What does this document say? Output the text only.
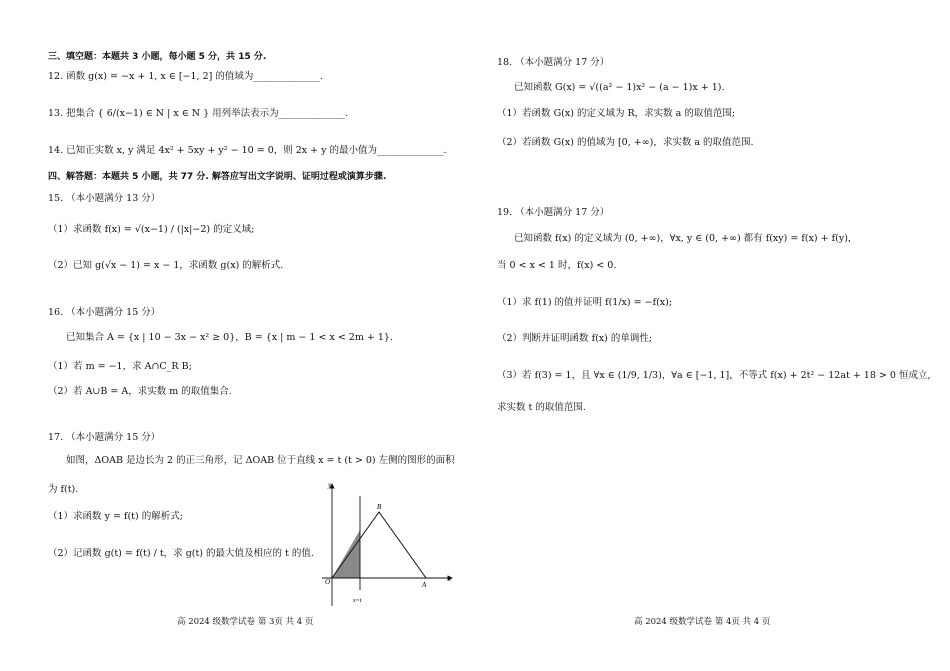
三、填空题：本题共 3 小题，每小题 5 分，共 15 分.
12. 函数 g(x) = −x + 1, x ∈ [−1, 2] 的值域为______________.
13. 把集合 { 6/(x−1) ∈ N | x ∈ N } 用列举法表示为______________.
14. 已知正实数 x, y 满足 4x² + 5xy + y² − 10 = 0，则 2x + y 的最小值为______________.
四、解答题：本题共 5 小题，共 77 分. 解答应写出文字说明、证明过程或演算步骤.
15. （本小题满分 13 分）
（1）求函数 f(x) = √(x−1) / (|x|−2) 的定义域;
（2）已知 g(√x − 1) = x − 1，求函数 g(x) 的解析式.
16. （本小题满分 15 分）
已知集合 A = {x | 10 − 3x − x² ≥ 0}，B = {x | m − 1 < x < 2m + 1}.
（1）若 m = −1，求 A∩C_R B;
（2）若 A∪B = A，求实数 m 的取值集合.
17. （本小题满分 15 分）
如图，ΔOAB 是边长为 2 的正三角形，记 ΔOAB 位于直线 x = t (t > 0) 左侧的图形的面积
为 f(t).
（1）求函数 y = f(t) 的解析式;
（2）记函数 g(t) = f(t) / t，求 g(t) 的最大值及相应的 t 的值.
y
x
O	A
B
x=t
高 2024 级数学试卷 第 3页 共 4 页
18. （本小题满分 17 分）
已知函数 G(x) = √((a² − 1)x² − (a − 1)x + 1).
（1）若函数 G(x) 的定义域为 R，求实数 a 的取值范围;
（2）若函数 G(x) 的值域为 [0, +∞)，求实数 a 的取值范围.
19. （本小题满分 17 分）
已知函数 f(x) 的定义域为 (0, +∞)，∀x, y ∈ (0, +∞) 都有 f(xy) = f(x) + f(y)，
当 0 < x < 1 时，f(x) < 0.
（1）求 f(1) 的值并证明 f(1/x) = −f(x);
（2）判断并证明函数 f(x) 的单调性;
（3）若 f(3) = 1，且 ∀x ∈ (1/9, 1/3)，∀a ∈ [−1, 1]，不等式 f(x) + 2t² − 12at + 18 > 0 恒成立,
求实数 t 的取值范围.
高 2024 级数学试卷 第 4页 共 4 页
